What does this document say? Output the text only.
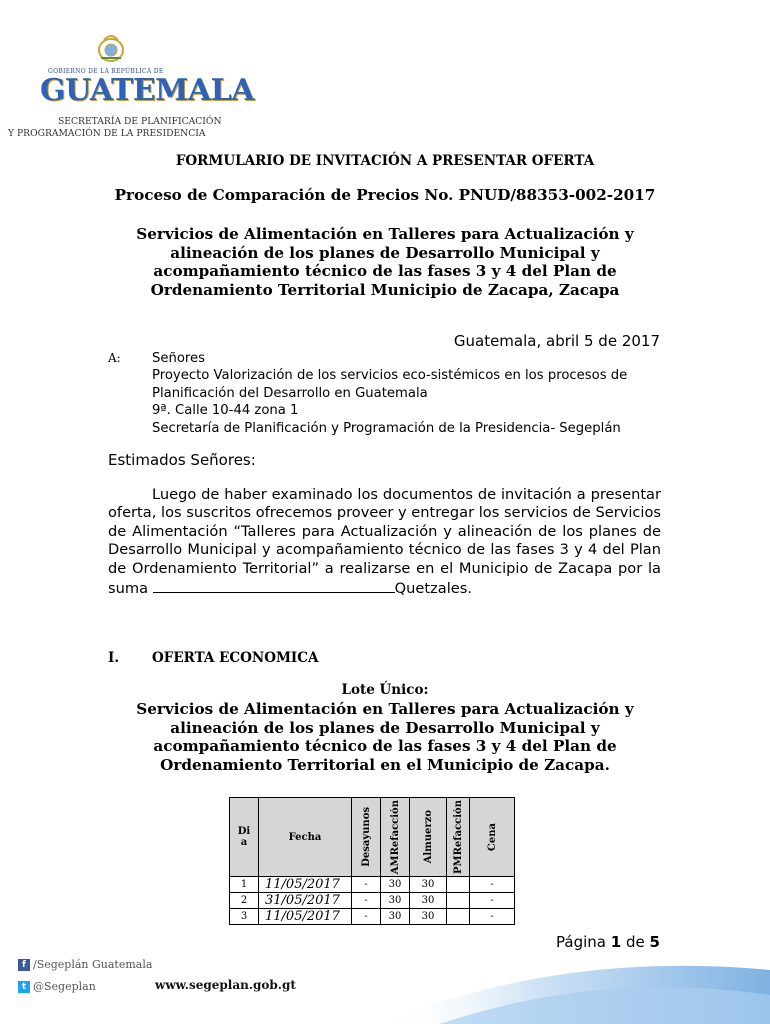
GOBIERNO DE LA REPÚBLICA DE
GUATEMALA
SECRETARÍA DE PLANIFICACIÓN
Y PROGRAMACIÓN DE LA PRESIDENCIA
FORMULARIO DE INVITACIÓN A PRESENTAR OFERTA
Proceso de Comparación de Precios No. PNUD/88353-002-2017
Servicios de Alimentación en Talleres para Actualización y alineación de los planes de Desarrollo Municipal y acompañamiento técnico de las fases 3 y 4 del Plan de Ordenamiento Territorial Municipio de Zacapa, Zacapa
Guatemala, abril 5 de 2017
A: Señores
Proyecto Valorización de los servicios eco-sistémicos en los procesos de
Planificación del Desarrollo en Guatemala
9ª. Calle 10-44 zona 1
Secretaría de Planificación y Programación de la Presidencia- Segeplán
Estimados Señores:
Luego de haber examinado los documentos de invitación a presentar oferta, los suscritos ofrecemos proveer y entregar los servicios de Servicios de Alimentación “Talleres para Actualización y alineación de los planes de Desarrollo Municipal y acompañamiento técnico de las fases 3 y 4 del Plan de Ordenamiento Territorial” a realizarse en el Municipio de Zacapa por la suma	Quetzales.
I. OFERTA ECONOMICA
Lote Único:
Servicios de Alimentación en Talleres para Actualización y alineación de los planes de Desarrollo Municipal y acompañamiento técnico de las fases 3 y 4 del Plan de Ordenamiento Territorial en el Municipio de Zacapa.
Di a	Fecha	Desayunos	AMRefacción	Almuerzo	PMRefacción	Cena

1	11/05/2017	-	30	30		-
2	31/05/2017	-	30	30		-
3	11/05/2017	-	30	30		-
Página 1 de 5
f /Segeplán Guatemala
t @Segeplan	www.segeplan.gob.gt
